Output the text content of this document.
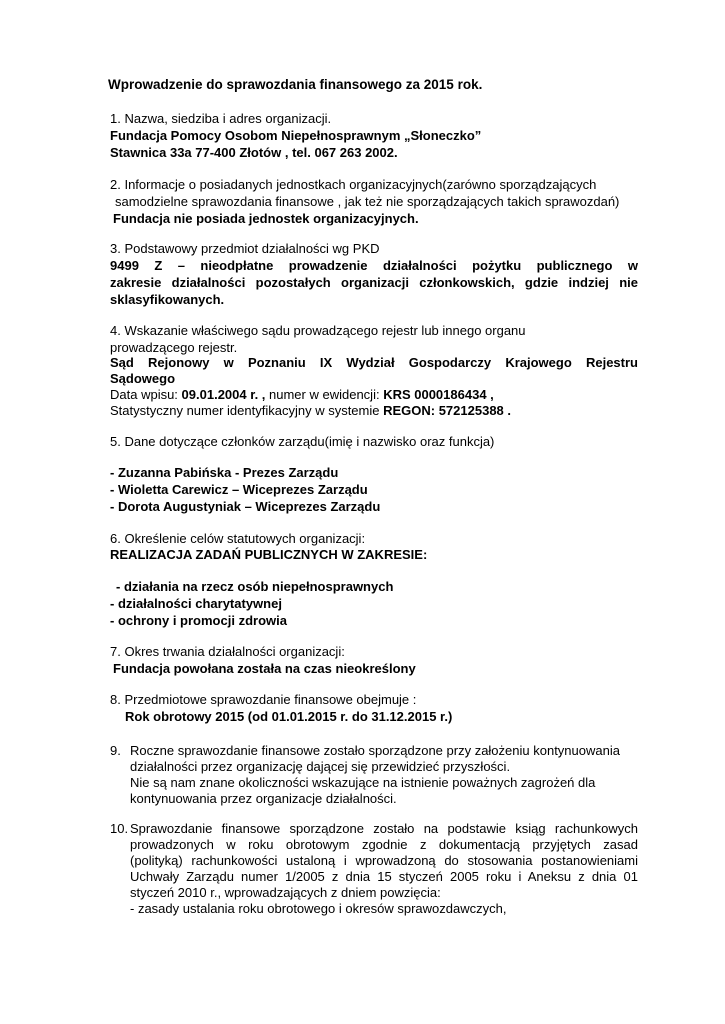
Wprowadzenie do sprawozdania finansowego za 2015 rok.
1. Nazwa, siedziba i adres organizacji.
Fundacja Pomocy Osobom Niepełnosprawnym „Słoneczko”
Stawnica 33a 77-400 Złotów , tel. 067 263 2002.
2. Informacje o posiadanych jednostkach organizacyjnych(zarówno sporządzających
samodzielne sprawozdania finansowe , jak też nie sporządzających takich sprawozdań)
Fundacja nie posiada jednostek organizacyjnych.
3. Podstawowy przedmiot działalności wg PKD
9499 Z – nieodpłatne prowadzenie działalności pożytku publicznego w
zakresie działalności pozostałych organizacji członkowskich, gdzie indziej nie
sklasyfikowanych.
4. Wskazanie właściwego sądu prowadzącego rejestr lub innego organu
prowadzącego rejestr.
Sąd Rejonowy w Poznaniu IX Wydział Gospodarczy Krajowego Rejestru
Sądowego
Data wpisu: 09.01.2004 r. , numer w ewidencji: KRS 0000186434 ,
Statystyczny numer identyfikacyjny w systemie REGON: 572125388 .
5. Dane dotyczące członków zarządu(imię i nazwisko oraz funkcja)
- Zuzanna Pabińska - Prezes Zarządu
- Wioletta Carewicz – Wiceprezes Zarządu
- Dorota Augustyniak – Wiceprezes Zarządu
6. Określenie celów statutowych organizacji:
REALIZACJA ZADAŃ PUBLICZNYCH W ZAKRESIE:
- działania na rzecz osób niepełnosprawnych
- działalności charytatywnej
- ochrony i promocji zdrowia
7. Okres trwania działalności organizacji:
Fundacja powołana została na czas nieokreślony
8. Przedmiotowe sprawozdanie finansowe obejmuje :
Rok obrotowy 2015 (od 01.01.2015 r. do 31.12.2015 r.)
9. Roczne sprawozdanie finansowe zostało sporządzone przy założeniu kontynuowania
działalności przez organizację dającej się przewidzieć przyszłości.
Nie są nam znane okoliczności wskazujące na istnienie poważnych zagrożeń dla
kontynuowania przez organizacje działalności.
10. Sprawozdanie finansowe sporządzone zostało na podstawie ksiąg rachunkowych
prowadzonych w roku obrotowym zgodnie z dokumentacją przyjętych zasad
(polityką) rachunkowości ustaloną i wprowadzoną do stosowania postanowieniami
Uchwały Zarządu numer 1/2005 z dnia 15 styczeń 2005 roku i Aneksu z dnia 01
styczeń 2010 r., wprowadzających z dniem powzięcia:
- zasady ustalania roku obrotowego i okresów sprawozdawczych,
